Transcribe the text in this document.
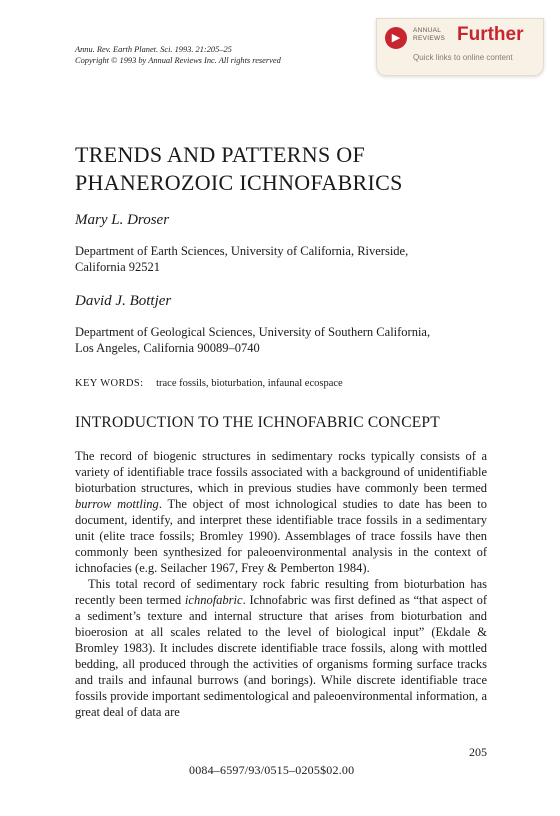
Annu. Rev. Earth Planet. Sci. 1993. 21:205–25
Copyright © 1993 by Annual Reviews Inc. All rights reserved
▶
ANNUAL
REVIEWS Further
Quick links to online content
TRENDS AND PATTERNS OF
PHANEROZOIC ICHNOFABRICS
Mary L. Droser
Department of Earth Sciences, University of California, Riverside,
California 92521
David J. Bottjer
Department of Geological Sciences, University of Southern California,
Los Angeles, California 90089–0740
KEY WORDS: trace fossils, bioturbation, infaunal ecospace
INTRODUCTION TO THE ICHNOFABRIC CONCEPT

The record of biogenic structures in sedimentary rocks typically consists of a variety of identifiable trace fossils associated with a background of unidentifiable bioturbation structures, which in previous studies have commonly been termed burrow mottling. The object of most ichnological studies to date has been to document, identify, and interpret these identifiable trace fossils in a sedimentary unit (elite trace fossils; Bromley 1990). Assemblages of trace fossils have then commonly been synthesized for paleoenvironmental analysis in the context of ichnofacies (e.g. Seilacher 1967, Frey & Pemberton 1984).

This total record of sedimentary rock fabric resulting from bioturbation has recently been termed ichnofabric. Ichnofabric was first defined as “that aspect of a sediment’s texture and internal structure that arises from bioturbation and bioerosion at all scales related to the level of biological input” (Ekdale & Bromley 1983). It includes discrete identifiable trace fossils, along with mottled bedding, all produced through the activities of organisms forming surface tracks and trails and infaunal burrows (and borings). While discrete identifiable trace fossils provide important sedimentological and paleoenvironmental information, a great deal of data are

205
0084–6597/93/0515–0205$02.00
